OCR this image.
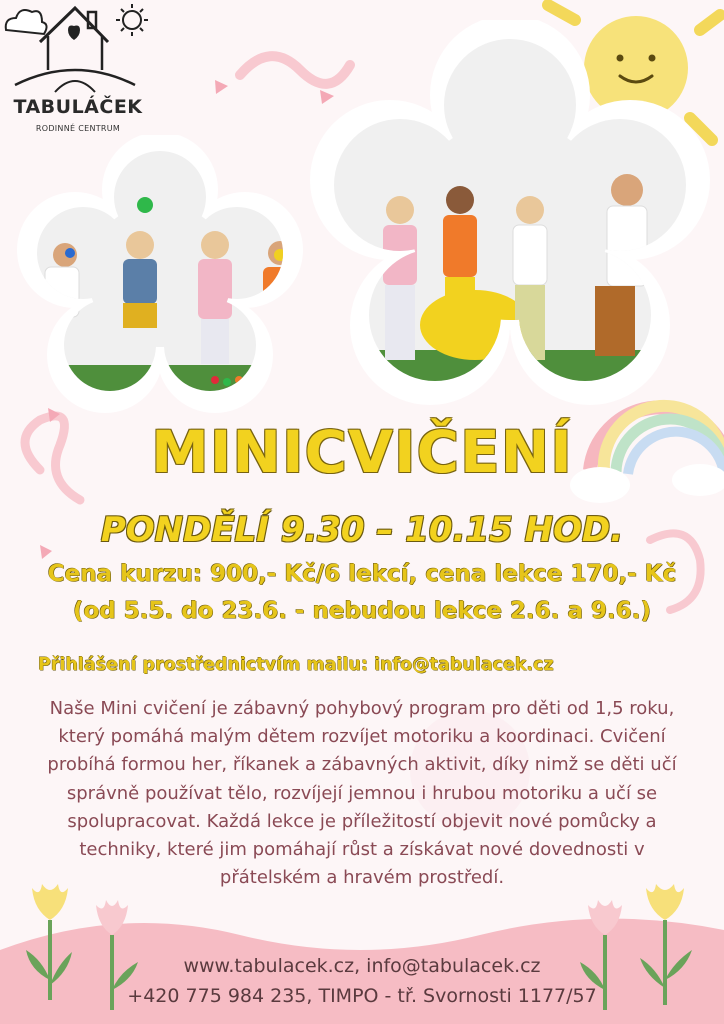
TABULÁČEK
RODINNÉ CENTRUM
MINICVIČENÍ
PONDĚLÍ 9.30 – 10.15 HOD.
Cena kurzu: 900,- Kč/6 lekcí, cena lekce 170,- Kč
(od 5.5. do 23.6. - nebudou lekce 2.6. a 9.6.)
Přihlášení prostřednictvím mailu: info@tabulacek.cz
Naše Mini cvičení je zábavný pohybový program pro děti od 1,5 roku,
který pomáhá malým dětem rozvíjet motoriku a koordinaci. Cvičení
probíhá formou her, říkanek a zábavných aktivit, díky nimž se děti učí
správně používat tělo, rozvíjejí jemnou i hrubou motoriku a učí se
spolupracovat. Každá lekce je příležitostí objevit nové pomůcky a
techniky, které jim pomáhají růst a získávat nové dovednosti v
přátelském a hravém prostředí.
www.tabulacek.cz, info@tabulacek.cz
+420 775 984 235, TIMPO - tř. Svornosti 1177/57
